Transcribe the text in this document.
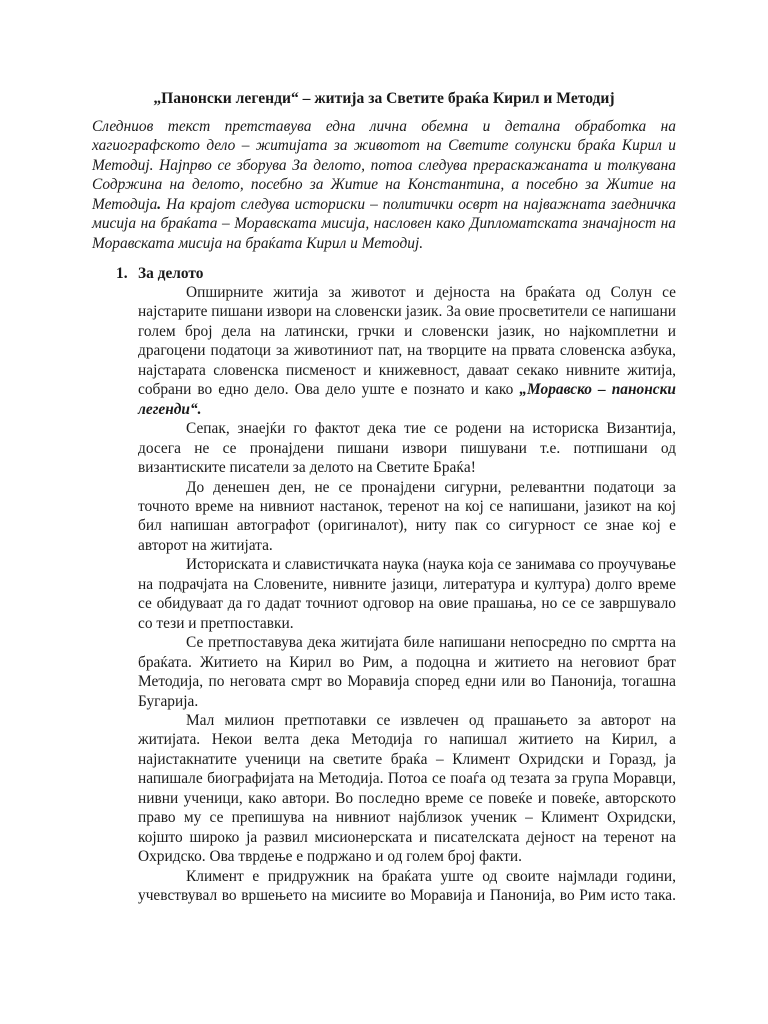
„Панонски легенди“ – житија за Светите браќа Кирил и Методиј

Следниов текст претставува една лична обемна и детална обработка на хагиографското дело – житијата за животот на Светите солунски браќа Кирил и Методиј. Најпрво се зборува За делото, потоа следува прераскажаната и толкувана Содржина на делото, посебно за Житие на Константина, а посебно за Житие на Методија. На крајот следува историски – политички осврт на најважната заедничка мисија на браќата – Моравската мисија, насловен како Дипломатската значајност на Моравската мисија на браќата Кирил и Методиј.

1. За делото

Опширните житија за животот и дејноста на браќата од Солун се најстарите пишани извори на словенски јазик. За овие просветители се напишани голем број дела на латински, грчки и словенски јазик, но најкомплетни и драгоцени податоци за животиниот пат, на творците на првата словенска азбука, најстарата словенска писменост и книжевност, даваат секако нивните житија, собрани во едно дело. Ова дело уште е познато и како „Моравско – панонски легенди“.

Сепак, знаејќи го фактот дека тие се родени на историска Византија, досега не се пронајдени пишани извори пишувани т.е. потпишани од византиските писатели за делото на Светите Браќа!

До денешен ден, не се пронајдени сигурни, релевантни податоци за точното време на нивниот настанок, теренот на кој се напишани, јазикот на кој бил напишан автографот (оригиналот), ниту пак со сигурност се знае кој е авторот на житијата.

Историската и славистичката наука (наука која се занимава со проучување на подрачјата на Словените, нивните јазици, литература и култура) долго време се обидуваат да го дадат точниот одговор на овие прашања, но се се завршувало со тези и претпоставки.

Се претпоставува дека житијата биле напишани непосредно по смртта на браќата. Житието на Кирил во Рим, а подоцна и житието на неговиот брат Методија, по неговата смрт во Моравија според едни или во Панонија, тогашна Бугарија.

Мал милион претпотавки се извлечен од прашањето за авторот на житијата. Некои велта дека Методија го напишал житието на Кирил, а најистакнатите ученици на светите браќа – Климент Охридски и Горазд, ја напишале биографијата на Методија. Потоа се поаѓа од тезата за група Моравци, нивни ученици, како автори. Во последно време се повеќе и повеќе, авторското право му се препишува на нивниот најблизок ученик – Климент Охридски, којшто широко ја развил мисионерската и писателската дејност на теренот на Охридско. Ова тврдење е подржано и од голем број факти.

Климент е придружник на браќата уште од своите најмлади години, учевствувал во вршењето на мисиите во Моравија и Панонија, во Рим исто така.
